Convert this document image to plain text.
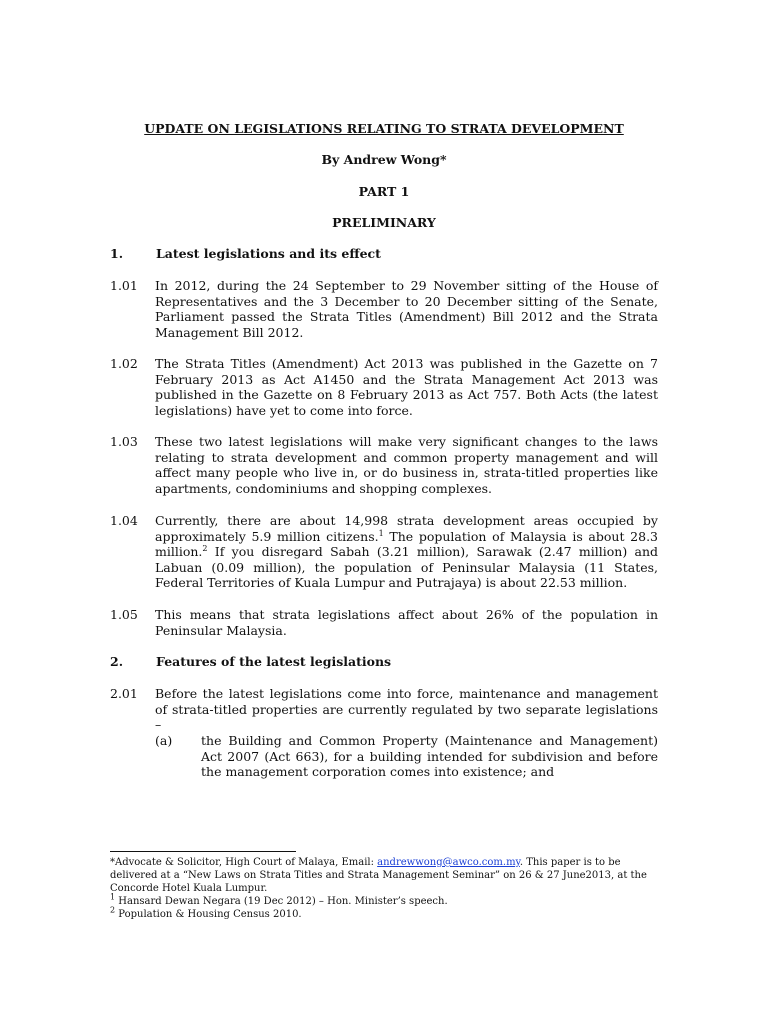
UPDATE ON LEGISLATIONS RELATING TO STRATA DEVELOPMENT
By Andrew Wong*
PART 1
PRELIMINARY
1.	Latest legislations and its effect
1.01 In 2012, during the 24 September to 29 November sitting of the House of Representatives and the 3 December to 20 December sitting of the Senate, Parliament passed the Strata Titles (Amendment) Bill 2012 and the Strata Management Bill 2012.
1.02 The Strata Titles (Amendment) Act 2013 was published in the Gazette on 7 February 2013 as Act A1450 and the Strata Management Act 2013 was published in the Gazette on 8 February 2013 as Act 757. Both Acts (the latest legislations) have yet to come into force.
1.03 These two latest legislations will make very significant changes to the laws relating to strata development and common property management and will affect many people who live in, or do business in, strata-titled properties like apartments, condominiums and shopping complexes.
1.04 Currently, there are about 14,998 strata development areas occupied by approximately 5.9 million citizens.$^1$ The population of Malaysia is about 28.3 million.$^2$ If you disregard Sabah (3.21 million), Sarawak (2.47 million) and Labuan (0.09 million), the population of Peninsular Malaysia (11 States, Federal Territories of Kuala Lumpur and Putrajaya) is about 22.53 million.
1.05 This means that strata legislations affect about 26% of the population in Peninsular Malaysia.
2.	Features of the latest legislations
2.01 Before the latest legislations come into force, maintenance and management of strata-titled properties are currently regulated by two separate legislations –
(a) the Building and Common Property (Maintenance and Management) Act 2007 (Act 663), for a building intended for subdivision and before the management corporation comes into existence; and

*Advocate & Solicitor, High Court of Malaya, Email: andrewwong@awco.com.my. This paper is to be delivered at a “New Laws on Strata Titles and Strata Management Seminar” on 26 & 27 June2013, at the Concorde Hotel Kuala Lumpur.

$^1$ Hansard Dewan Negara (19 Dec 2012) – Hon. Minister’s speech.

$^2$ Population & Housing Census 2010.
